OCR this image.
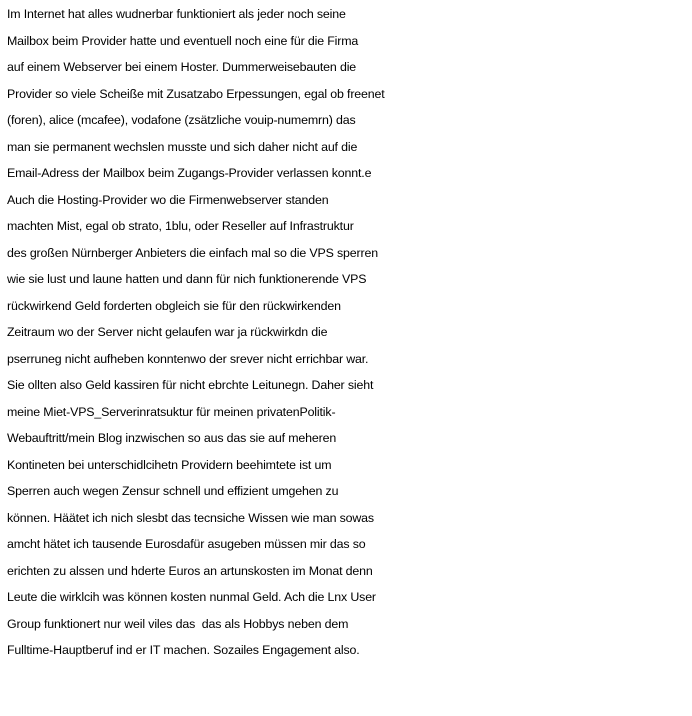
Im Internet hat alles wudnerbar funktioniert als jeder noch seine
Mailbox beim Provider hatte und eventuell noch eine für die Firma
auf einem Webserver bei einem Hoster. Dummerweisebauten die
Provider so viele Scheiße mit Zusatzabo Erpessungen, egal ob freenet
(foren), alice (mcafee), vodafone (zsätzliche vouip-numemrn) das
man sie permanent wechslen musste und sich daher nicht auf die
Email-Adress der Mailbox beim Zugangs-Provider verlassen konnt.e
Auch die Hosting-Provider wo die Firmenwebserver standen
machten Mist, egal ob strato, 1blu, oder Reseller auf Infrastruktur
des großen Nürnberger Anbieters die einfach mal so die VPS sperren
wie sie lust und laune hatten und dann für nich funktionerende VPS
rückwirkend Geld forderten obgleich sie für den rückwirkenden
Zeitraum wo der Server nicht gelaufen war ja rückwirkdn die
pserruneg nicht aufheben konntenwo der srever nicht errichbar war.
Sie ollten also Geld kassiren für nicht ebrchte Leitunegn. Daher sieht
meine Miet-VPS_Serverinratsuktur für meinen privatenPolitik-
Webauftritt/mein Blog inzwischen so aus das sie auf meheren
Kontineten bei unterschidlcihetn Providern beehimtete ist um
Sperren auch wegen Zensur schnell und effizient umgehen zu
können. Häätet ich nich slesbt das tecnsiche Wissen wie man sowas
amcht hätet ich tausende Eurosdafür asugeben müssen mir das so
erichten zu alssen und hderte Euros an artunskosten im Monat denn
Leute die wirklcih was können kosten nunmal Geld. Ach die Lnx User
Group funktionert nur weil viles das  das als Hobbys neben dem
Fulltime-Hauptberuf ind er IT machen. Sozailes Engagement also.
